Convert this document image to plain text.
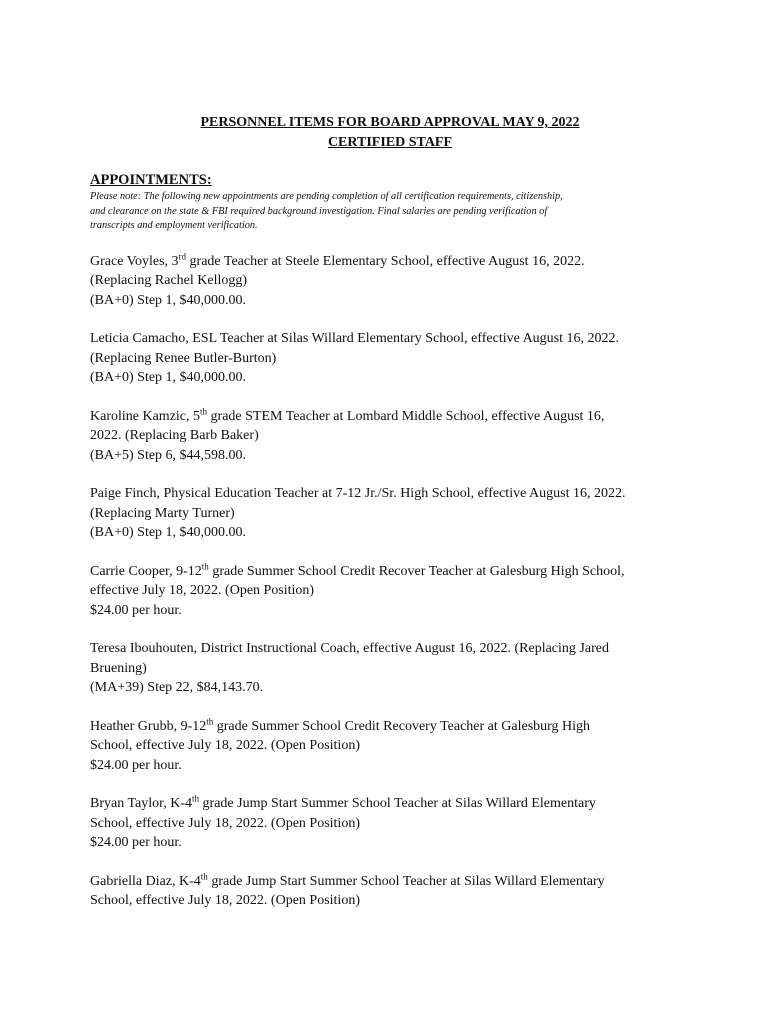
PERSONNEL ITEMS FOR BOARD APPROVAL MAY 9, 2022
CERTIFIED STAFF
APPOINTMENTS:
Please note: The following new appointments are pending completion of all certification requirements, citizenship,
and clearance on the state & FBI required background investigation. Final salaries are pending verification of
transcripts and employment verification.
Grace Voyles, 3rd grade Teacher at Steele Elementary School, effective August 16, 2022.
(Replacing Rachel Kellogg)
(BA+0) Step 1, $40,000.00.
Leticia Camacho, ESL Teacher at Silas Willard Elementary School, effective August 16, 2022.
(Replacing Renee Butler-Burton)
(BA+0) Step 1, $40,000.00.
Karoline Kamzic, 5th grade STEM Teacher at Lombard Middle School, effective August 16,
2022. (Replacing Barb Baker)
(BA+5) Step 6, $44,598.00.
Paige Finch, Physical Education Teacher at 7-12 Jr./Sr. High School, effective August 16, 2022.
(Replacing Marty Turner)
(BA+0) Step 1, $40,000.00.
Carrie Cooper, 9-12th grade Summer School Credit Recover Teacher at Galesburg High School,
effective July 18, 2022. (Open Position)
$24.00 per hour.
Teresa Ibouhouten, District Instructional Coach, effective August 16, 2022. (Replacing Jared
Bruening)
(MA+39) Step 22, $84,143.70.
Heather Grubb, 9-12th grade Summer School Credit Recovery Teacher at Galesburg High
School, effective July 18, 2022. (Open Position)
$24.00 per hour.
Bryan Taylor, K-4th grade Jump Start Summer School Teacher at Silas Willard Elementary
School, effective July 18, 2022. (Open Position)
$24.00 per hour.
Gabriella Diaz, K-4th grade Jump Start Summer School Teacher at Silas Willard Elementary
School, effective July 18, 2022. (Open Position)
